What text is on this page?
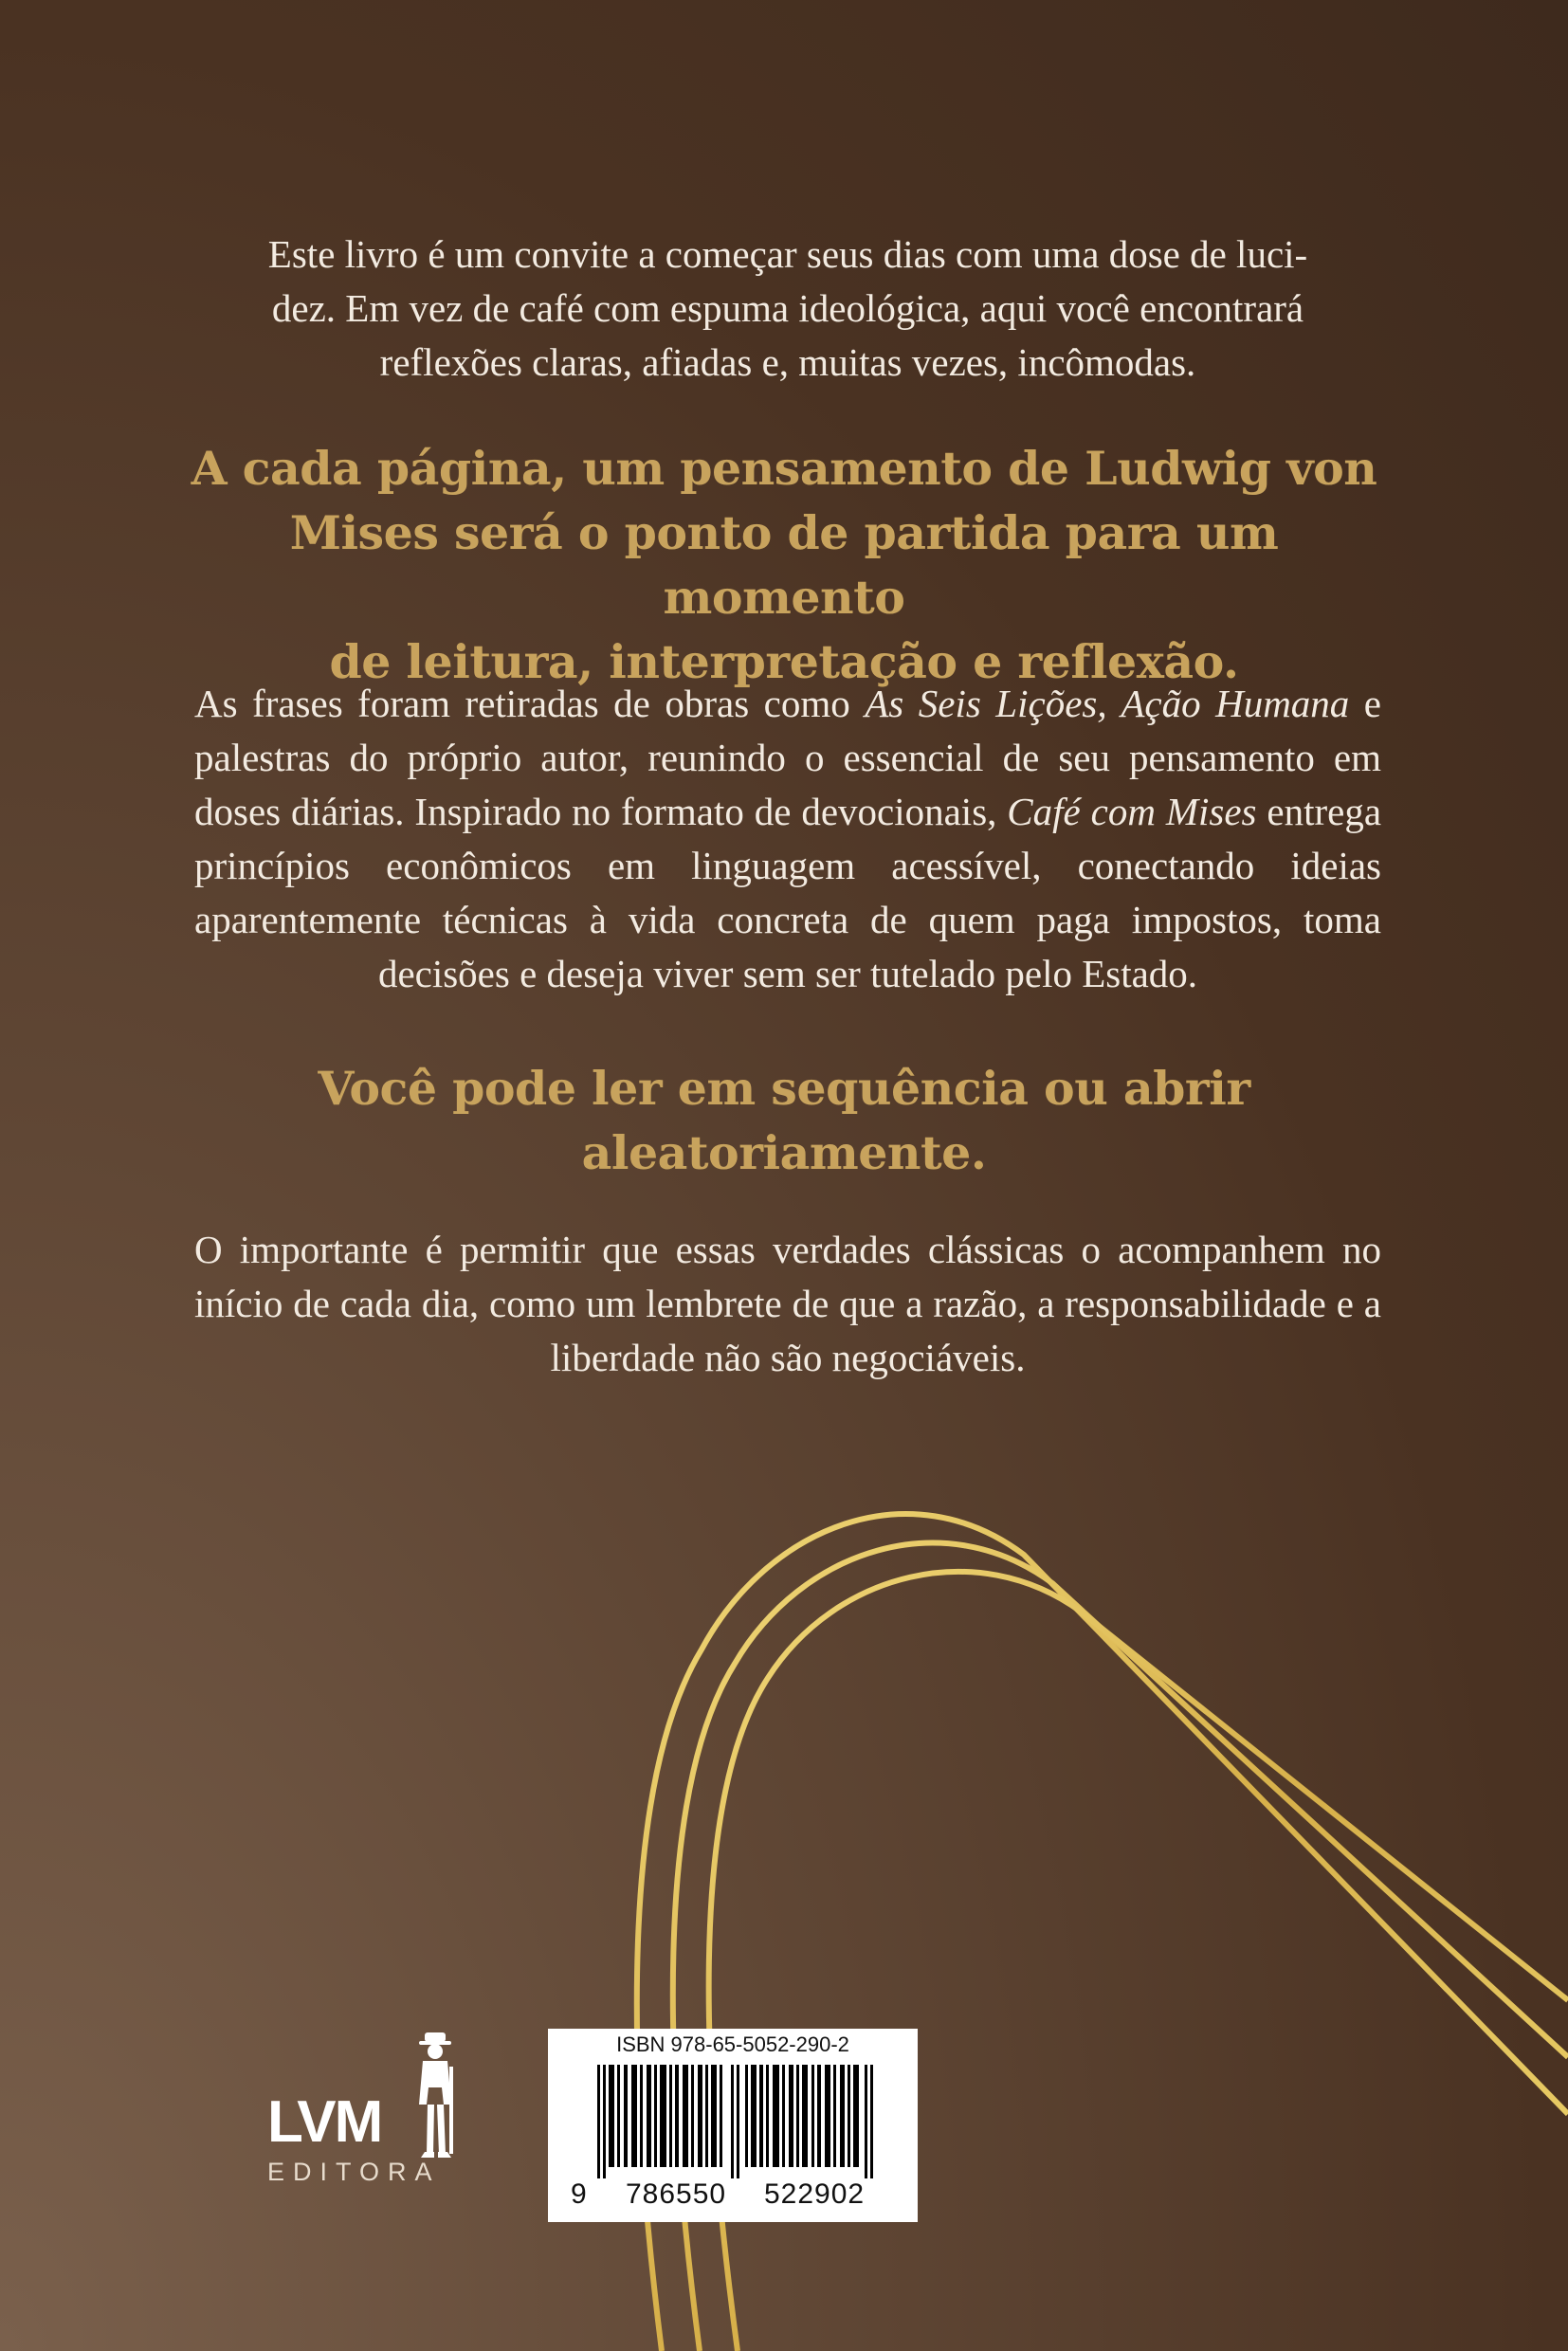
Este livro é um convite a começar seus dias com uma dose de luci-
dez. Em vez de café com espuma ideológica, aqui você encontrará
reflexões claras, afiadas e, muitas vezes, incômodas.

A cada página, um pensamento de Ludwig von
Mises será o ponto de partida para um momento
de leitura, interpretação e reflexão.

As frases foram retiradas de obras como As Seis Lições, Ação Humana e palestras do próprio autor, reunindo o essencial de seu pensamento em doses diárias. Inspirado no formato de devocionais, Café com Mises entrega princípios econômicos em linguagem acessível, conectando ideias aparentemente técnicas à vida concreta de quem paga impostos, toma decisões e deseja viver sem ser tutelado pelo Estado.

Você pode ler em sequência ou abrir
aleatoriamente.

O importante é permitir que essas verdades clássicas o acompanhem no início de cada dia, como um lembrete de que a razão, a responsabilidade e a liberdade não são negociáveis.

LVM
EDITORA
ISBN 978-65-5052-290-2
9 786550 522902
